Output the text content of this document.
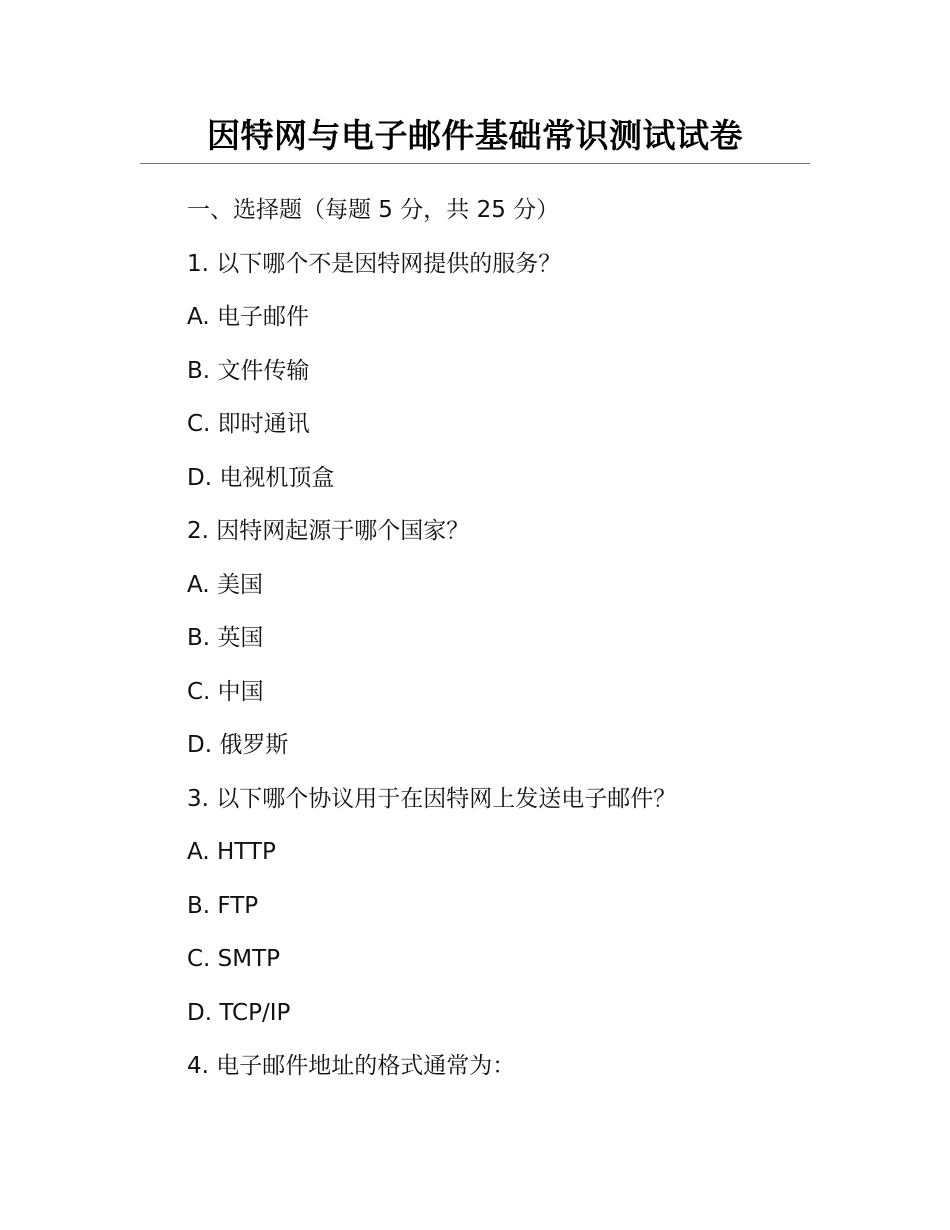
因特网与电子邮件基础常识测试试卷
一、选择题（每题 5 分，共 25 分）
1. 以下哪个不是因特网提供的服务？
A. 电子邮件
B. 文件传输
C. 即时通讯
D. 电视机顶盒
2. 因特网起源于哪个国家？
A. 美国
B. 英国
C. 中国
D. 俄罗斯
3. 以下哪个协议用于在因特网上发送电子邮件？
A. HTTP
B. FTP
C. SMTP
D. TCP/IP
4. 电子邮件地址的格式通常为：
